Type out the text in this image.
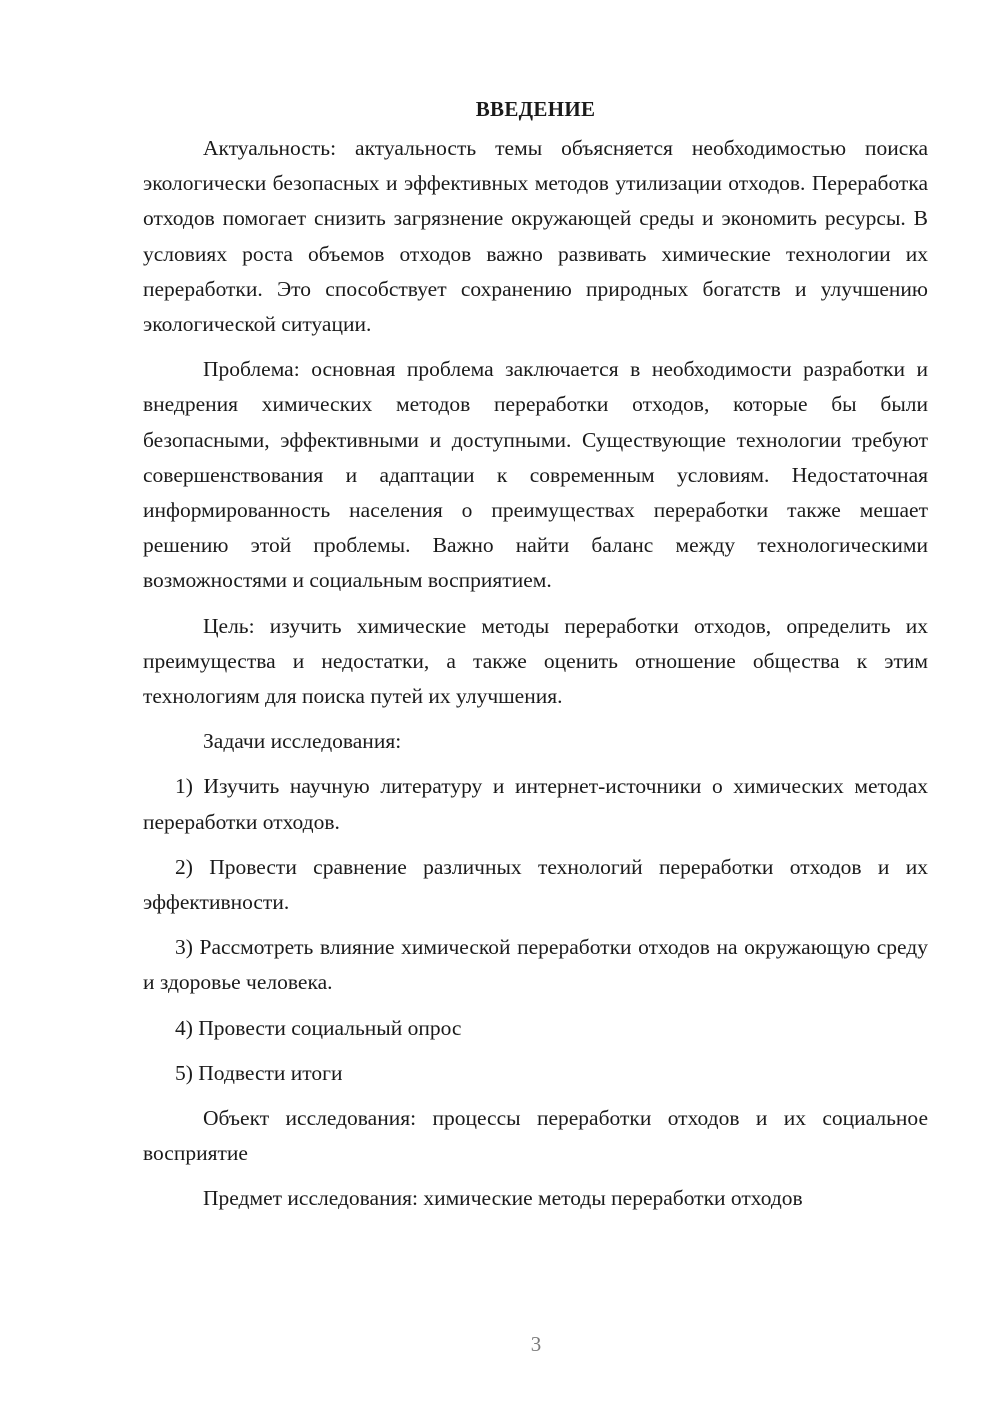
ВВЕДЕНИЕ

Актуальность: актуальность темы объясняется необходимостью поиска экологически безопасных и эффективных методов утилизации отходов. Переработка отходов помогает снизить загрязнение окружающей среды и экономить ресурсы. В условиях роста объемов отходов важно развивать химические технологии их переработки. Это способствует сохранению природных богатств и улучшению экологической ситуации.

Проблема: основная проблема заключается в необходимости разработки и внедрения химических методов переработки отходов, которые бы были безопасными, эффективными и доступными. Существующие технологии требуют совершенствования и адаптации к современным условиям. Недостаточная информированность населения о преимуществах переработки также мешает решению этой проблемы. Важно найти баланс между технологическими возможностями и социальным восприятием.

Цель: изучить химические методы переработки отходов, определить их преимущества и недостатки, а также оценить отношение общества к этим технологиям для поиска путей их улучшения.

Задачи исследования:

1) Изучить научную литературу и интернет-источники о химических методах переработки отходов.

2) Провести сравнение различных технологий переработки отходов и их эффективности.

3) Рассмотреть влияние химической переработки отходов на окружающую среду и здоровье человека.

4) Провести социальный опрос

5) Подвести итоги

Объект исследования: процессы переработки отходов и их социальное восприятие

Предмет исследования: химические методы переработки отходов

3
